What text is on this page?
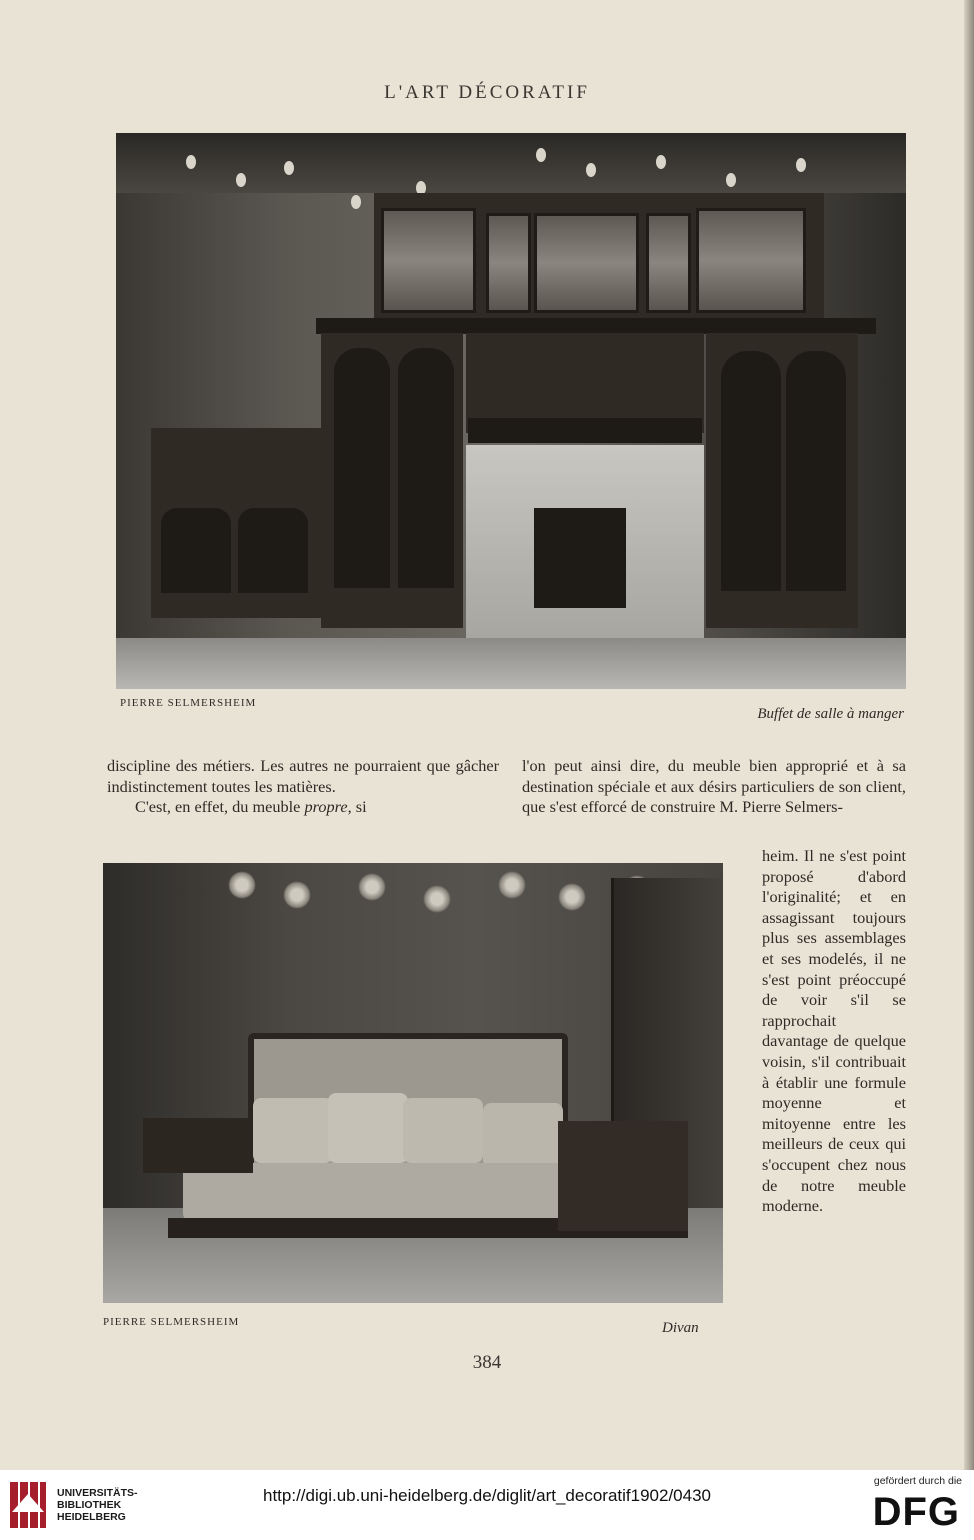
L'ART DÉCORATIF
PIERRE SELMERSHEIM
Buffet de salle à manger

discipline des métiers. Les autres ne pourraient que gâcher indistinctement toutes les matières.

C'est, en effet, du meuble propre, si

l'on peut ainsi dire, du meuble bien approprié et à sa destination spéciale et aux désirs particuliers de son client, que s'est efforcé de construire M. Pierre Selmers-

heim. Il ne s'est point proposé d'abord l'originalité; et en assagissant toujours plus ses assemblages et ses modelés, il ne s'est point préoccupé de voir s'il se rapprochait davantage de quelque voisin, s'il contribuait à établir une formule moyenne et mitoyenne entre les meilleurs de ceux qui s'occupent chez nous de notre meuble moderne.

PIERRE SELMERSHEIM	Divan
384
UNIVERSITÄTS-
BIBLIOTHEK
HEIDELBERG
http://digi.ub.uni-heidelberg.de/diglit/art_decoratif1902/0430
gefördert durch die
DFG
